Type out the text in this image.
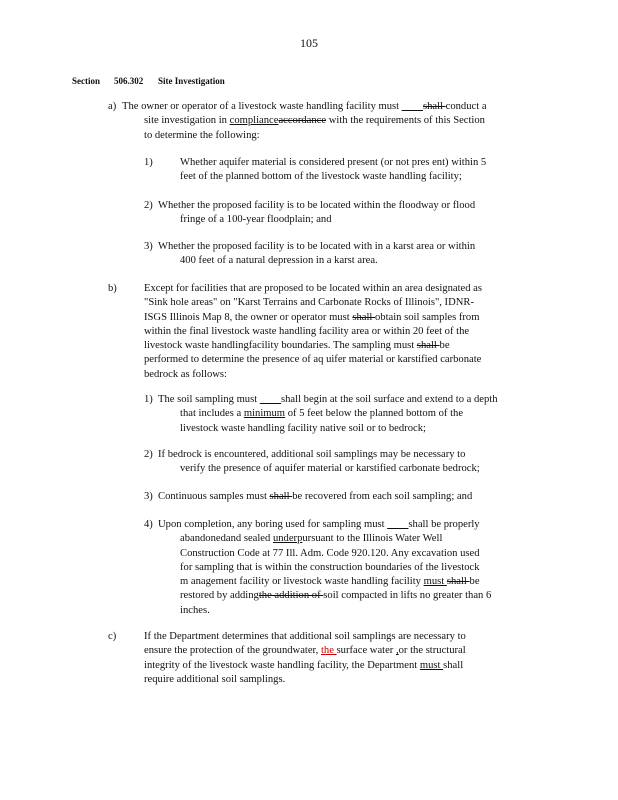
105
Section 506.302 Site Investigation
a) The owner or operator of a livestock waste handling facility must ____shall conduct a
site investigation in complianceaccordance with the requirements of this Section
to determine the following:
1)	Whether aquifer material is considered present (or not pres ent) within 5
feet of the planned bottom of the livestock waste handling facility;
2) Whether the proposed facility is to be located within the floodway or flood
fringe of a 100-year floodplain; and
3) Whether the proposed facility is to be located with in a karst area or within
400 feet of a natural depression in a karst area.
b)	Except for facilities that are proposed to be located within an area designated as
"Sink hole areas" on "Karst Terrains and Carbonate Rocks of Illinois", IDNR-
ISGS Illinois Map 8, the owner or operator must shall obtain soil samples from
within the final livestock waste handling facility area or within 20 feet of the
livestock waste handlingfacility boundaries. The sampling must shall be
performed to determine the presence of aq uifer material or karstified carbonate
bedrock as follows:
1) The soil sampling must ____shall begin at the soil surface and extend to a depth
that includes a minimum of 5 feet below the planned bottom of the
livestock waste handling facility native soil or to bedrock;
2) If bedrock is encountered, additional soil samplings may be necessary to
verify the presence of aquifer material or karstified carbonate bedrock;
3) Continuous samples must shall be recovered from each soil sampling; and
4) Upon completion, any boring used for sampling must ____shall be properly
abandonedand sealed underpursuant to the Illinois Water Well
Construction Code at 77 Ill. Adm. Code 920.120. Any excavation used
for sampling that is within the construction boundaries of the livestock
m anagement facility or livestock waste handling facility must shall be
restored by addingthe addition of soil compacted in lifts no greater than 6
inches.
c)	If the Department determines that additional soil samplings are necessary to
ensure the protection of the groundwater, the surface water ,or the structural
integrity of the livestock waste handling facility, the Department must shall
require additional soil samplings.
